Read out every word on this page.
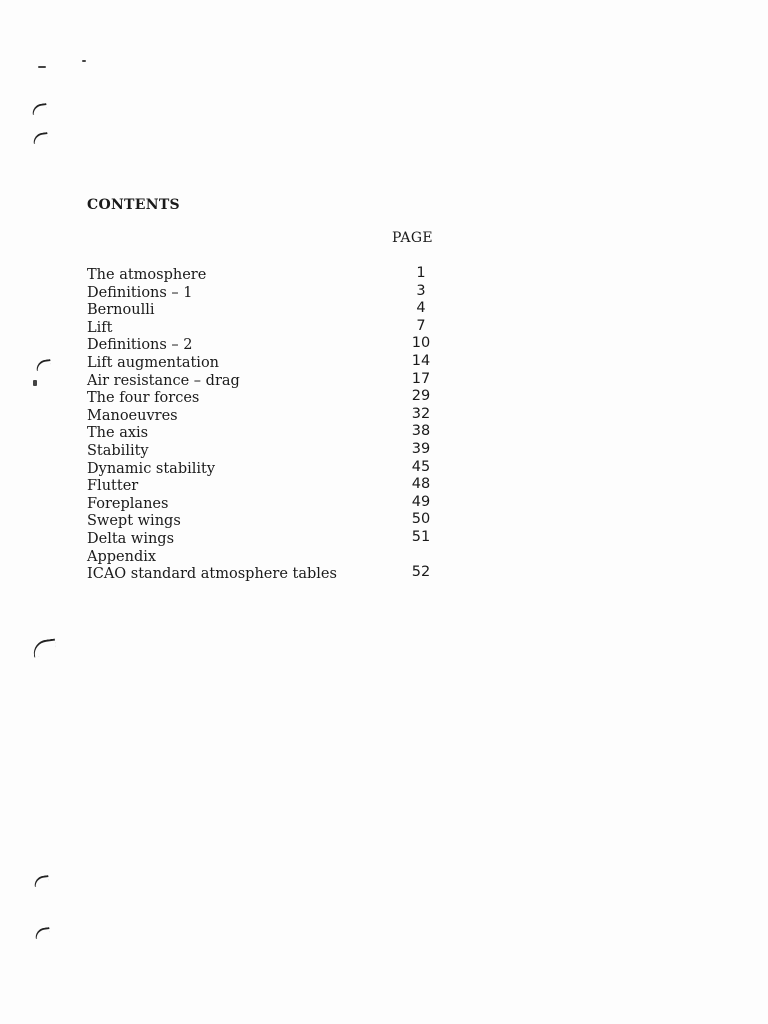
CONTENTS
PAGE
The atmosphere	1
Definitions – 1	3
Bernoulli	4
Lift	7
Definitions – 2	10
Lift augmentation	14
Air resistance – drag	17
The four forces	29
Manoeuvres	32
The axis	38
Stability	39
Dynamic stability	45
Flutter	48
Foreplanes	49
Swept wings	50
Delta wings	51
Appendix
ICAO standard atmosphere tables	52
